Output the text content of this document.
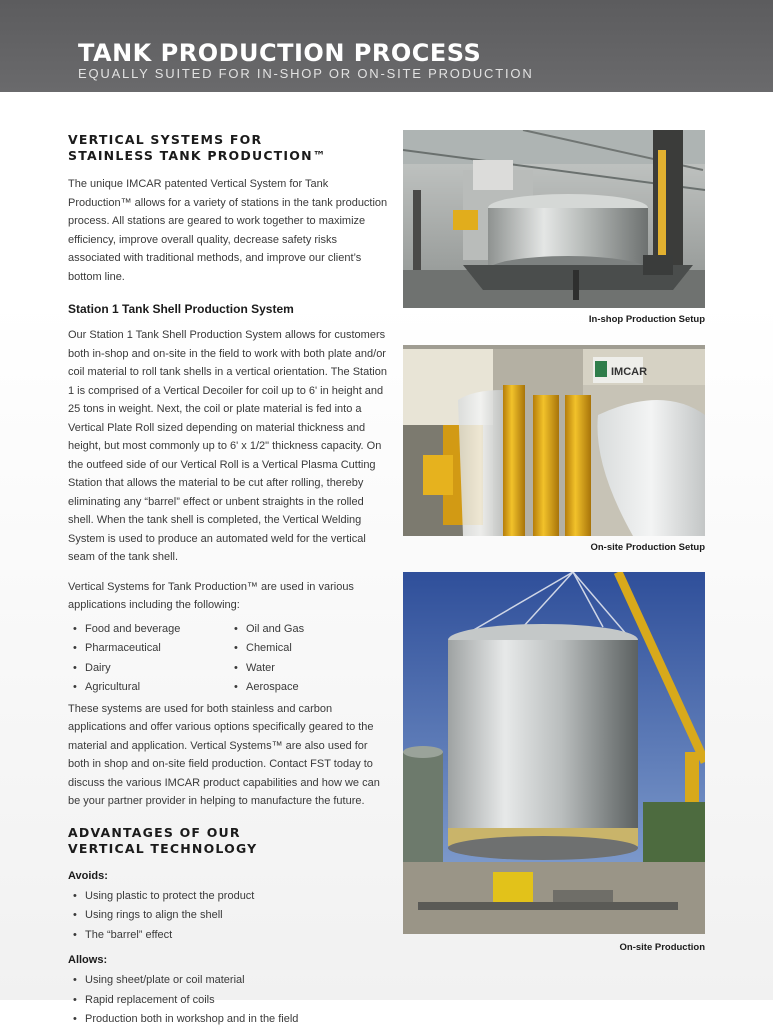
TANK PRODUCTION PROCESS

EQUALLY SUITED FOR IN-SHOP OR ON-SITE PRODUCTION

VERTICAL SYSTEMS FOR
STAINLESS TANK PRODUCTION™

The unique IMCAR patented Vertical System for Tank Production™ allows for a variety of stations in the tank production process. All stations are geared to work together to maximize efficiency, improve overall quality, decrease safety risks associated with traditional methods, and improve our client’s bottom line.

Station 1 Tank Shell Production System

Our Station 1 Tank Shell Production System allows for customers both in-shop and on-site in the field to work with both plate and/or coil material to roll tank shells in a vertical orientation. The Station 1 is comprised of a Vertical Decoiler for coil up to 6' in height and 25 tons in weight. Next, the coil or plate material is fed into a Vertical Plate Roll sized depending on material thickness and height, but most commonly up to 6' x 1/2" thickness capacity. On the outfeed side of our Vertical Roll is a Vertical Plasma Cutting Station that allows the material to be cut after rolling, thereby eliminating any “barrel” effect or unbent straights in the rolled shell. When the tank shell is completed, the Vertical Welding System is used to produce an automated weld for the vertical seam of the tank shell.

Vertical Systems for Tank Production™ are used in various applications including the following:

• Food and beverage
• Pharmaceutical
• Dairy
• Agricultural
• Oil and Gas
• Chemical
• Water
• Aerospace

These systems are used for both stainless and carbon applications and offer various options specifically geared to the material and application. Vertical Systems™ are also used for both in shop and on-site field production. Contact FST today to discuss the various IMCAR product capabilities and how we can be your partner provider in helping to manufacture the future.

ADVANTAGES OF OUR
VERTICAL TECHNOLOGY

Avoids:

• Using plastic to protect the product
• Using rings to align the shell
• The “barrel” effect

Allows:

• Using sheet/plate or coil material
• Rapid replacement of coils
• Production both in workshop and in the field
In-shop Production Setup
IMCAR
On-site Production Setup
On-site Production
